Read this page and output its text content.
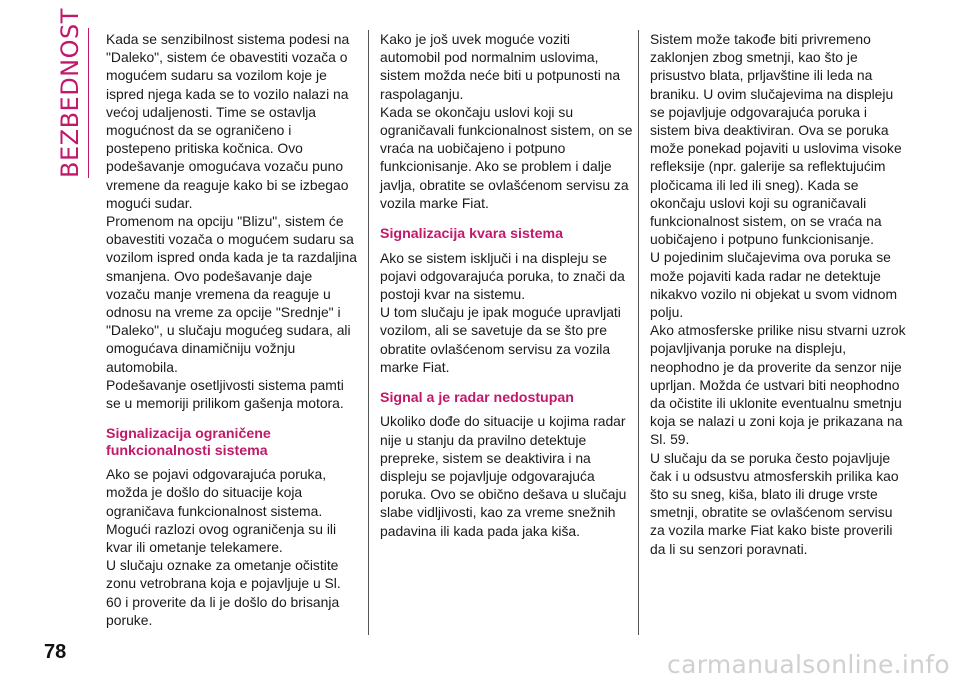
BEZBEDNOST Kada se senzibilnost sistema podesi na "Daleko", sistem će obavestiti vozača o mogućem sudaru sa vozilom koje je ispred njega kada se to vozilo nalazi na većoj udaljenosti. Time se ostavlja mogućnost da se ograničeno i postepeno pritiska kočnica. Ovo podešavanje omogućava vozaču puno vremene da reaguje kako bi se izbegao mogući sudar.

Promenom na opciju "Blizu", sistem će obavestiti vozača o mogućem sudaru sa vozilom ispred onda kada je ta razdaljina smanjena. Ovo podešavanje daje vozaču manje vremena da reaguje u odnosu na vreme za opcije "Srednje" i "Daleko", u slučaju mogućeg sudara, ali omogućava dinamičniju vožnju automobila.

Podešavanje osetljivosti sistema pamti se u memoriji prilikom gašenja motora.

Signalizacija ograničene funkcionalnosti sistema

Ako se pojavi odgovarajuća poruka, možda je došlo do situacije koja ograničava funkcionalnost sistema.

Mogući razlozi ovog ograničenja su ili kvar ili ometanje telekamere.

U slučaju oznake za ometanje očistite zonu vetrobrana koja e pojavljuje u Sl. 60 i proverite da li je došlo do brisanja poruke.

Kako je još uvek moguće voziti automobil pod normalnim uslovima, sistem možda neće biti u potpunosti na raspolaganju.

Kada se okončaju uslovi koji su ograničavali funkcionalnost sistem, on se vraća na uobičajeno i potpuno funkcionisanje. Ako se problem i dalje javlja, obratite se ovlašćenom servisu za vozila marke Fiat.

Signalizacija kvara sistema

Ako se sistem isključi i na displeju se pojavi odgovarajuća poruka, to znači da postoji kvar na sistemu.

U tom slučaju je ipak moguće upravljati vozilom, ali se savetuje da se što pre obratite ovlašćenom servisu za vozila marke Fiat.

Signal a je radar nedostupan

Ukoliko dođe do situacije u kojima radar nije u stanju da pravilno detektuje prepreke, sistem se deaktivira i na displeju se pojavljuje odgovarajuća poruka. Ovo se obično dešava u slučaju slabe vidljivosti, kao za vreme snežnih padavina ili kada pada jaka kiša.

Sistem može takođe biti privremeno zaklonjen zbog smetnji, kao što je prisustvo blata, prljavštine ili leda na braniku. U ovim slučajevima na displeju se pojavljuje odgovarajuća poruka i sistem biva deaktiviran. Ova se poruka može ponekad pojaviti u uslovima visoke refleksije (npr. galerije sa reflektujućim pločicama ili led ili sneg). Kada se okončaju uslovi koji su ograničavali funkcionalnost sistem, on se vraća na uobičajeno i potpuno funkcionisanje.

U pojedinim slučajevima ova poruka se može pojaviti kada radar ne detektuje nikakvo vozilo ni objekat u svom vidnom polju.

Ako atmosferske prilike nisu stvarni uzrok pojavljivanja poruke na displeju, neophodno je da proverite da senzor nije uprljan. Možda će ustvari biti neophodno da očistite ili uklonite eventualnu smetnju koja se nalazi u zoni koja je prikazana na Sl. 59.

U slučaju da se poruka često pojavljuje čak i u odsustvu atmosferskih prilika kao što su sneg, kiša, blato ili druge vrste smetnji, obratite se ovlašćenom servisu za vozila marke Fiat kako biste proverili da li su senzori poravnati.

78	carmanualsonline.info
